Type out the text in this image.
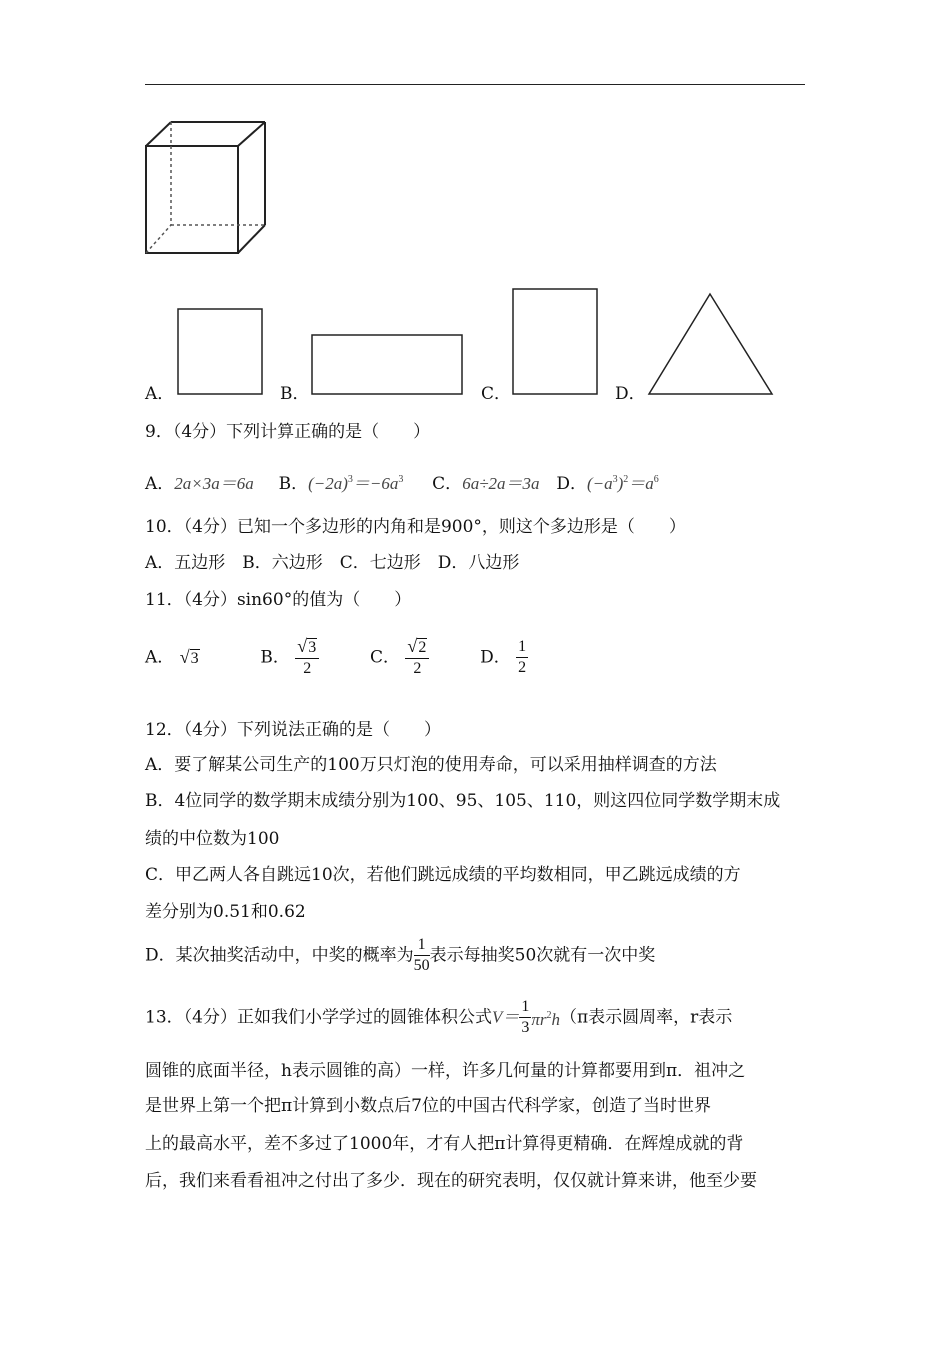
A．	B．	C．	D．
9．（4分）下列计算正确的是（　　）
A．2a×3a＝6a B．$(-2a)^3=-6a^3$ C．6a÷2a＝3a D．$(-a^3)^2=a^6$
10．（4分）已知一个多边形的内角和是900°，则这个多边形是（　　）
A．五边形　B．六边形　C．七边形　D．八边形
11．（4分）sin60°的值为（　　）
A． √3	B． $\frac{√3}{2}$	C． $\frac{√2}{2}$	D． $\frac{1}{2}$
12．（4分）下列说法正确的是（　　）
A．要了解某公司生产的100万只灯泡的使用寿命，可以采用抽样调查的方法
B．4位同学的数学期末成绩分别为100、95、105、110，则这四位同学数学期末成
绩的中位数为100
C．甲乙两人各自跳远10次，若他们跳远成绩的平均数相同，甲乙跳远成绩的方
差分别为0.51和0.62
D．某次抽奖活动中，中奖的概率为 $\frac{1}{50}$ 表示每抽奖50次就有一次中奖
13．（4分）正如我们小学学过的圆锥体积公式$V= \frac{1}{3} \pi r^2h(\pi$表示圆周率，r表示
圆锥的底面半径，h表示圆锥的高）一样，许多几何量的计算都要用到π．祖冲之
是世界上第一个把π计算到小数点后7位的中国古代科学家，创造了当时世界
上的最高水平，差不多过了1000年，才有人把π计算得更精确．在辉煌成就的背
后，我们来看看祖冲之付出了多少．现在的研究表明，仅仅就计算来讲，他至少要
